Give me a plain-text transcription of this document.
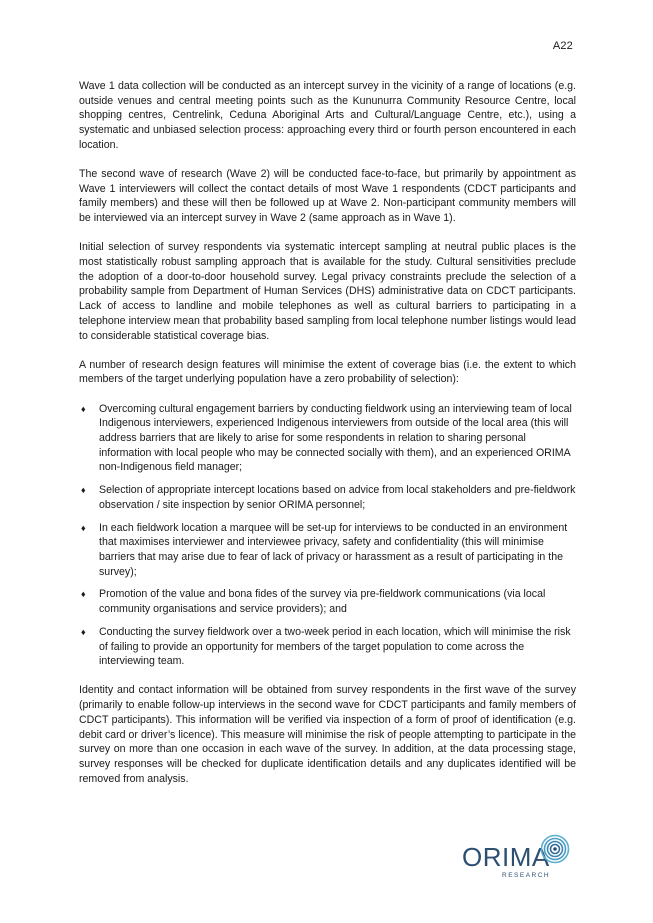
A22

Wave 1 data collection will be conducted as an intercept survey in the vicinity of a range of locations (e.g. outside venues and central meeting points such as the Kununurra Community Resource Centre, local shopping centres, Centrelink, Ceduna Aboriginal Arts and Cultural/Language Centre, etc.), using a systematic and unbiased selection process: approaching every third or fourth person encountered in each location.

The second wave of research (Wave 2) will be conducted face-to-face, but primarily by appointment as Wave 1 interviewers will collect the contact details of most Wave 1 respondents (CDCT participants and family members) and these will then be followed up at Wave 2. Non-participant community members will be interviewed via an intercept survey in Wave 2 (same approach as in Wave 1).

Initial selection of survey respondents via systematic intercept sampling at neutral public places is the most statistically robust sampling approach that is available for the study. Cultural sensitivities preclude the adoption of a door-to-door household survey. Legal privacy constraints preclude the selection of a probability sample from Department of Human Services (DHS) administrative data on CDCT participants. Lack of access to landline and mobile telephones as well as cultural barriers to participating in a telephone interview mean that probability based sampling from local telephone number listings would lead to considerable statistical coverage bias.

A number of research design features will minimise the extent of coverage bias (i.e. the extent to which members of the target underlying population have a zero probability of selection):

♦ Overcoming cultural engagement barriers by conducting fieldwork using an interviewing team of local Indigenous interviewers, experienced Indigenous interviewers from outside of the local area (this will address barriers that are likely to arise for some respondents in relation to sharing personal information with local people who may be connected socially with them), and an experienced ORIMA non-Indigenous field manager;
♦ Selection of appropriate intercept locations based on advice from local stakeholders and pre-fieldwork observation / site inspection by senior ORIMA personnel;
♦ In each fieldwork location a marquee will be set-up for interviews to be conducted in an environment that maximises interviewer and interviewee privacy, safety and confidentiality (this will minimise barriers that may arise due to fear of lack of privacy or harassment as a result of participating in the survey);
♦ Promotion of the value and bona fides of the survey via pre-fieldwork communications (via local community organisations and service providers); and
♦ Conducting the survey fieldwork over a two-week period in each location, which will minimise the risk of failing to provide an opportunity for members of the target population to come across the interviewing team.

Identity and contact information will be obtained from survey respondents in the first wave of the survey (primarily to enable follow-up interviews in the second wave for CDCT participants and family members of CDCT participants). This information will be verified via inspection of a form of proof of identification (e.g. debit card or driver’s licence). This measure will minimise the risk of people attempting to participate in the survey on more than one occasion in each wave of the survey. In addition, at the data processing stage, survey responses will be checked for duplicate identification details and any duplicates identified will be removed from analysis.

ORIMA
RESEARCH
